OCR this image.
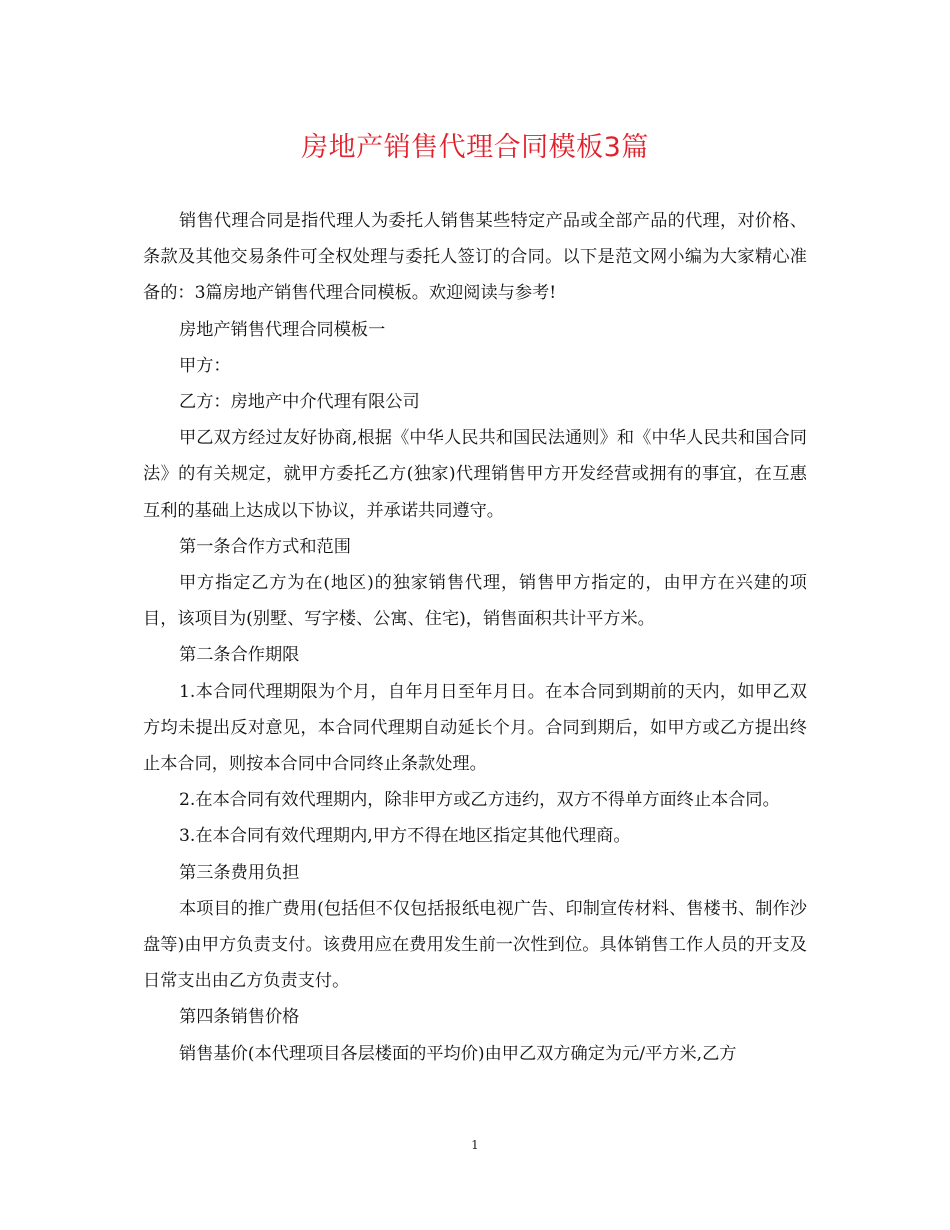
房地产销售代理合同模板3篇

销售代理合同是指代理人为委托人销售某些特定产品或全部产品的代理，对价格、条款及其他交易条件可全权处理与委托人签订的合同。以下是范文网小编为大家精心准备的：3篇房地产销售代理合同模板。欢迎阅读与参考!

房地产销售代理合同模板一

甲方：

乙方：房地产中介代理有限公司

甲乙双方经过友好协商,根据《中华人民共和国民法通则》和《中华人民共和国合同法》的有关规定，就甲方委托乙方(独家)代理销售甲方开发经营或拥有的事宜，在互惠互利的基础上达成以下协议，并承诺共同遵守。

第一条合作方式和范围

甲方指定乙方为在(地区)的独家销售代理，销售甲方指定的，由甲方在兴建的项目，该项目为(别墅、写字楼、公寓、住宅)，销售面积共计平方米。

第二条合作期限

1.本合同代理期限为个月，自年月日至年月日。在本合同到期前的天内，如甲乙双方均未提出反对意见，本合同代理期自动延长个月。合同到期后，如甲方或乙方提出终止本合同，则按本合同中合同终止条款处理。

2.在本合同有效代理期内，除非甲方或乙方违约，双方不得单方面终止本合同。

3.在本合同有效代理期内,甲方不得在地区指定其他代理商。

第三条费用负担

本项目的推广费用(包括但不仅包括报纸电视广告、印制宣传材料、售楼书、制作沙盘等)由甲方负责支付。该费用应在费用发生前一次性到位。具体销售工作人员的开支及日常支出由乙方负责支付。

第四条销售价格

销售基价(本代理项目各层楼面的平均价)由甲乙双方确定为元/平方米,乙方

1
